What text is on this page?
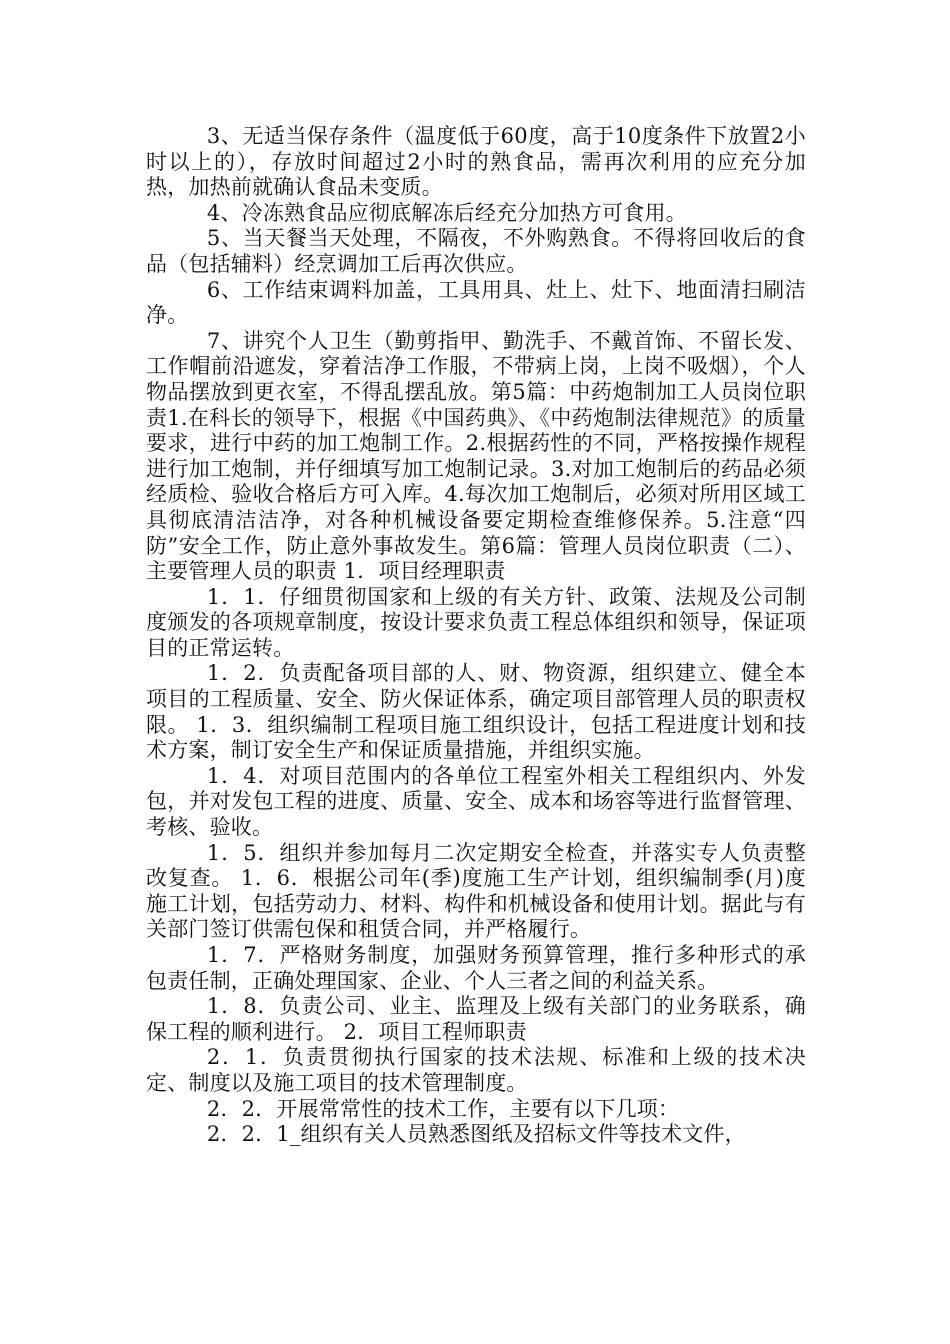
3、无适当保存条件（温度低于60度，高于10度条件下放置2小时以上的），存放时间超过2小时的熟食品，需再次利用的应充分加热，加热前就确认食品未变质。

4、冷冻熟食品应彻底解冻后经充分加热方可食用。

5、当天餐当天处理，不隔夜，不外购熟食。不得将回收后的食品（包括辅料）经烹调加工后再次供应。

6、工作结束调料加盖，工具用具、灶上、灶下、地面清扫刷洁净。

7、讲究个人卫生（勤剪指甲、勤洗手、不戴首饰、不留长发、工作帽前沿遮发，穿着洁净工作服，不带病上岗，上岗不吸烟），个人物品摆放到更衣室，不得乱摆乱放。第5篇：中药炮制加工人员岗位职责1.在科长的领导下，根据《中国药典》、《中药炮制法律规范》的质量要求，进行中药的加工炮制工作。2.根据药性的不同，严格按操作规程进行加工炮制，并仔细填写加工炮制记录。3.对加工炮制后的药品必须经质检、验收合格后方可入库。4.每次加工炮制后，必须对所用区域工具彻底清洁洁净，对各种机械设备要定期检查维修保养。5.注意“四防”安全工作，防止意外事故发生。第6篇：管理人员岗位职责（二）、主要管理人员的职责 1．项目经理职责

1．1．仔细贯彻国家和上级的有关方针、政策、法规及公司制度颁发的各项规章制度，按设计要求负责工程总体组织和领导，保证项目的正常运转。

1．2．负责配备项目部的人、财、物资源，组织建立、健全本项目的工程质量、安全、防火保证体系，确定项目部管理人员的职责权限。 1．3．组织编制工程项目施工组织设计，包括工程进度计划和技术方案，制订安全生产和保证质量措施，并组织实施。

1．4．对项目范围内的各单位工程室外相关工程组织内、外发包，并对发包工程的进度、质量、安全、成本和场容等进行监督管理、考核、验收。

1．5．组织并参加每月二次定期安全检查，并落实专人负责整改复查。 1．6．根据公司年(季)度施工生产计划，组织编制季(月)度施工计划，包括劳动力、材料、构件和机械设备和使用计划。据此与有关部门签订供需包保和租赁合同，并严格履行。

1．7．严格财务制度，加强财务预算管理，推行多种形式的承包责任制，正确处理国家、企业、个人三者之间的利益关系。

1．8．负责公司、业主、监理及上级有关部门的业务联系，确保工程的顺利进行。 2．项目工程师职责

2．1．负责贯彻执行国家的技术法规、标准和上级的技术决定、制度以及施工项目的技术管理制度。

2．2．开展常常性的技术工作，主要有以下几项：

2．2．1_组织有关人员熟悉图纸及招标文件等技术文件，
